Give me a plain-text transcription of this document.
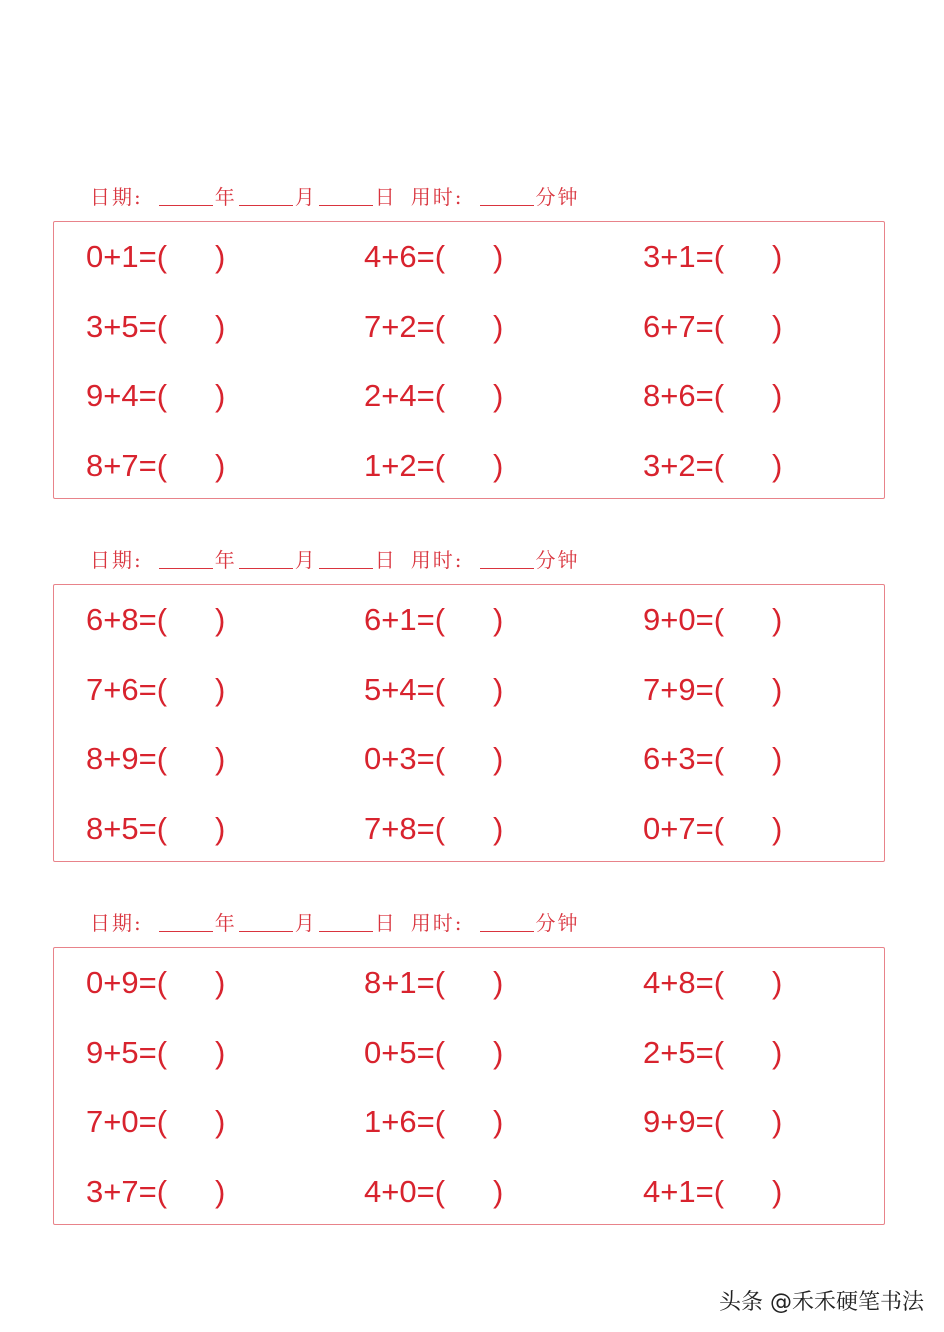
日期:	年	月	日 用时:	分钟
0+1=( )	4+6=( )	3+1=( )
3+5=( )	7+2=( )	6+7=( )
9+4=( )	2+4=( )	8+6=( )
8+7=( )	1+2=( )	3+2=( )
日期:	年	月	日 用时:	分钟
6+8=( )	6+1=( )	9+0=( )
7+6=( )	5+4=( )	7+9=( )
8+9=( )	0+3=( )	6+3=( )
8+5=( )	7+8=( )	0+7=( )
日期:	年	月	日 用时:	分钟
0+9=( )	8+1=( )	4+8=( )
9+5=( )	0+5=( )	2+5=( )
7+0=( )	1+6=( )	9+9=( )
3+7=( )	4+0=( )	4+1=( )
头条 @禾禾硬笔书法
